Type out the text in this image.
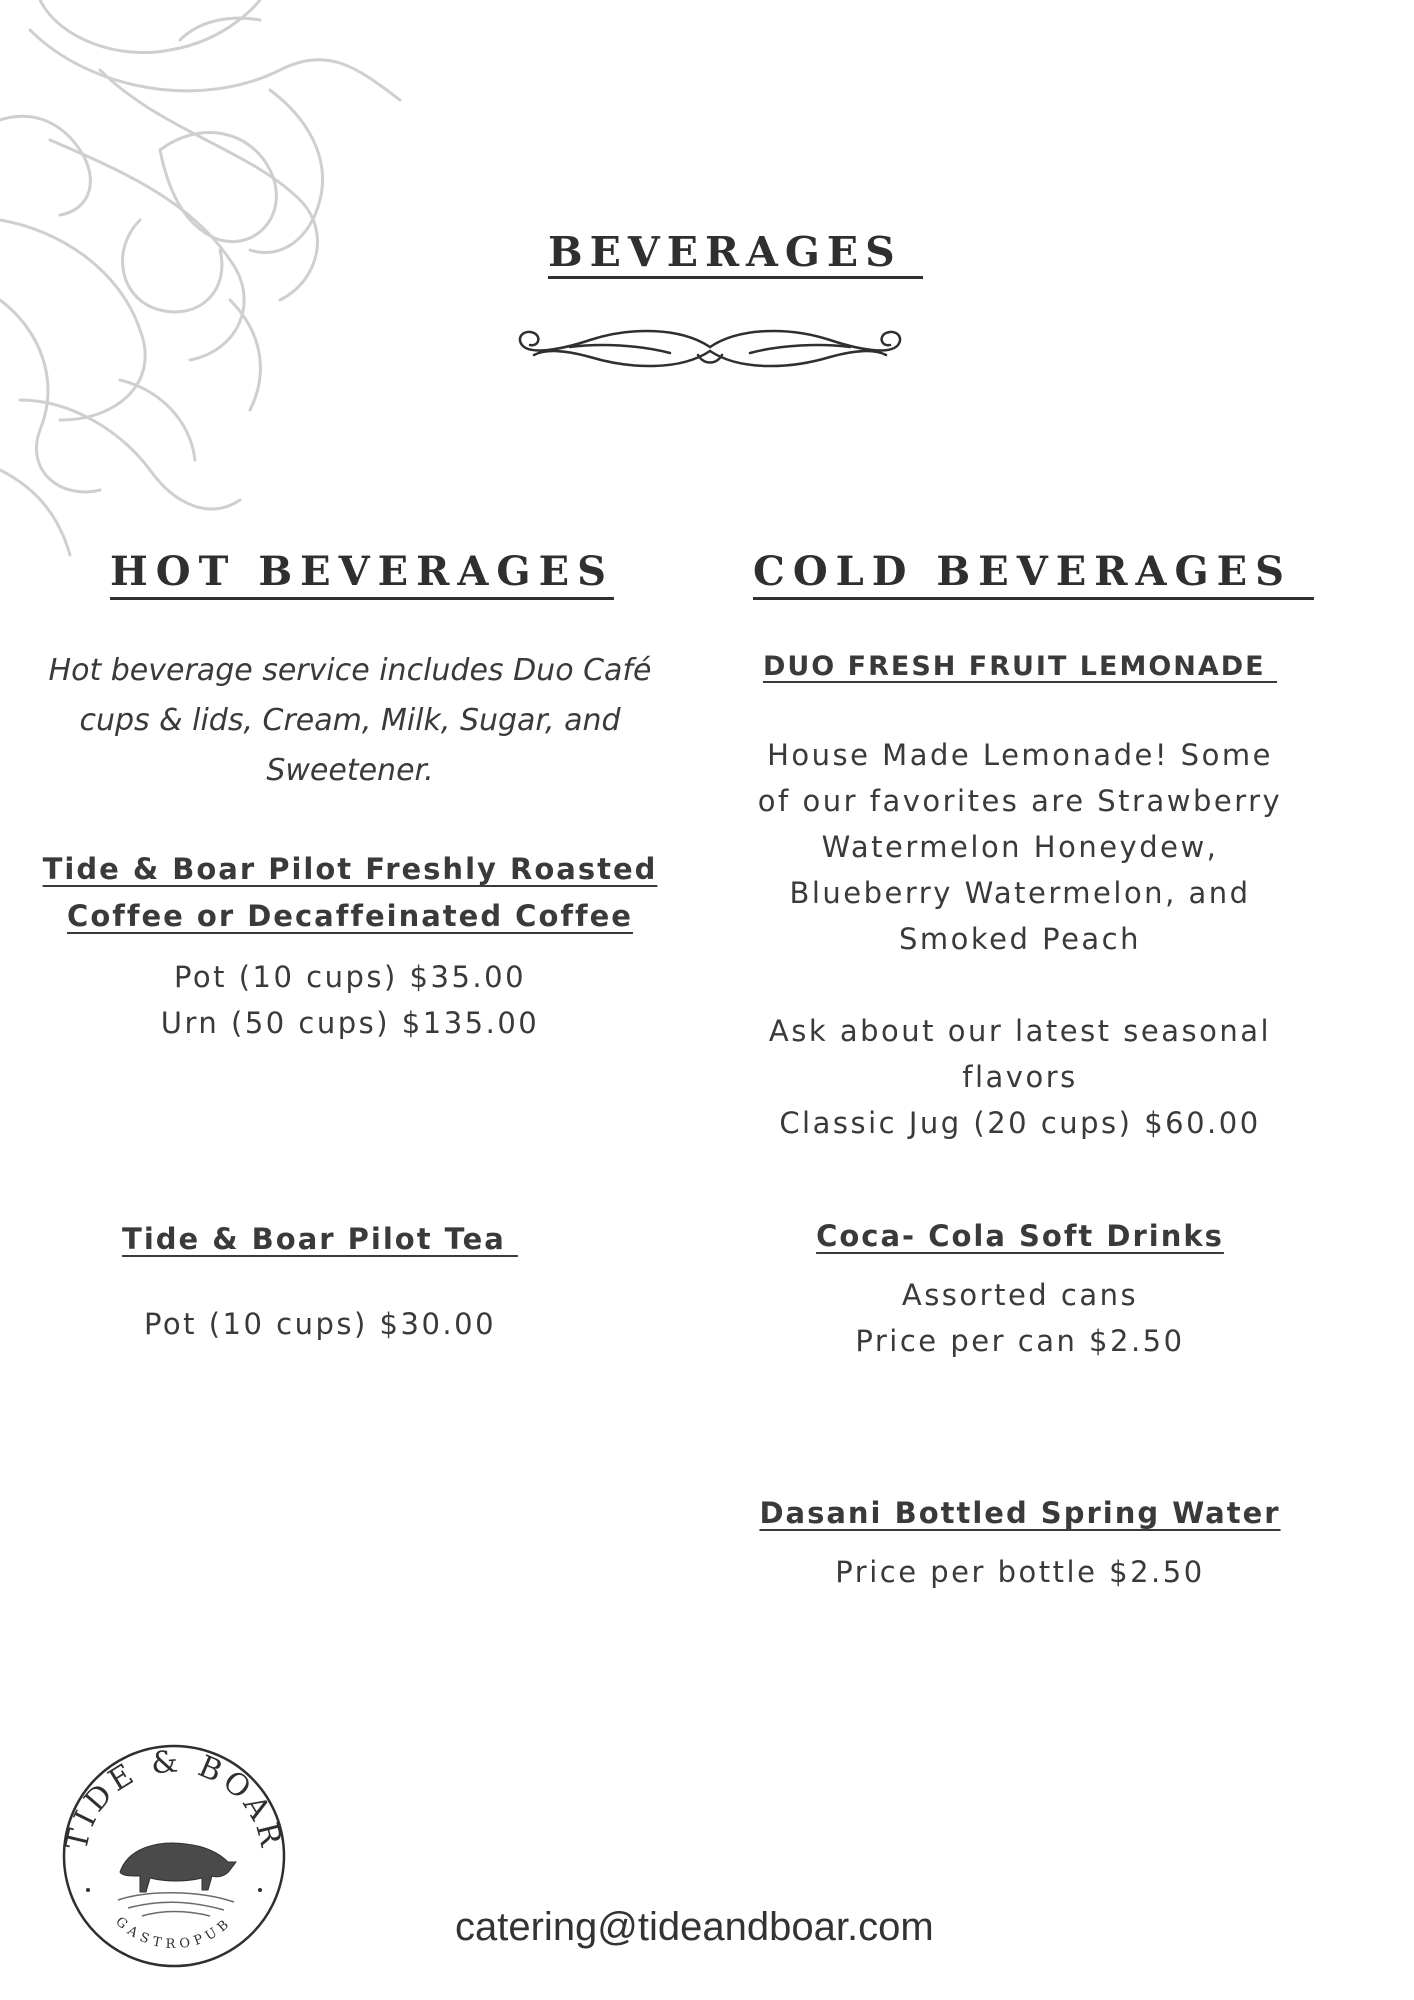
BEVERAGES
HOT BEVERAGES	COLD BEVERAGES
Hot beverage service includes Duo Café
cups & lids, Cream, Milk, Sugar, and
Sweetener.
Tide & Boar Pilot Freshly Roasted
Coffee or Decaffeinated Coffee
Pot (10 cups) $35.00
Urn (50 cups) $135.00
Tide & Boar Pilot Tea
Pot (10 cups) $30.00
DUO FRESH FRUIT LEMONADE
House Made Lemonade! Some
of our favorites are Strawberry
Watermelon Honeydew,
Blueberry Watermelon, and
Smoked Peach
Ask about our latest seasonal
flavors
Classic Jug (20 cups) $60.00
Coca- Cola Soft Drinks
Assorted cans
Price per can $2.50
Dasani Bottled Spring Water
Price per bottle $2.50
TIDE & BOAR
GASTROPUB	catering@tideandboar.com
